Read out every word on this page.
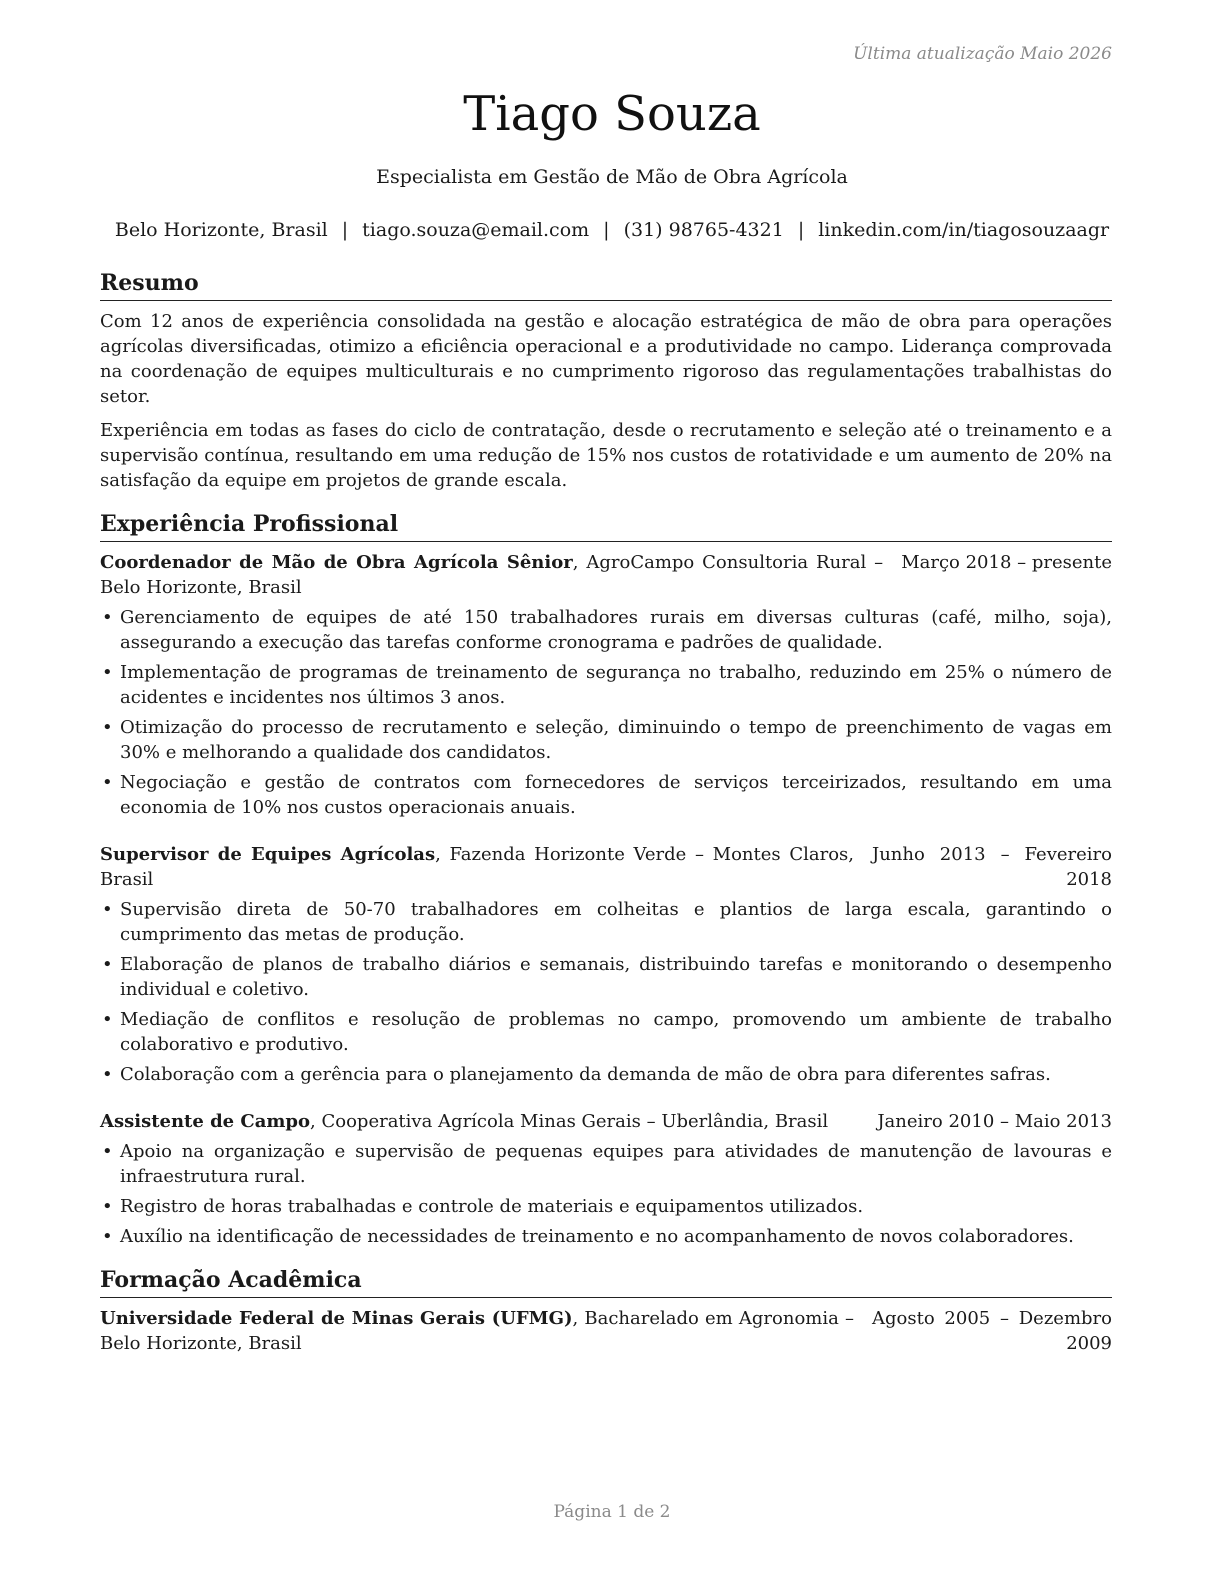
Última atualização Maio 2026
Tiago Souza
Especialista em Gestão de Mão de Obra Agrícola
Belo Horizonte, Brasil | tiago.souza@email.com | (31) 98765-4321 | linkedin.com/in/tiagosouzaagr
Resumo

Com 12 anos de experiência consolidada na gestão e alocação estratégica de mão de obra para operações agrícolas diversificadas, otimizo a eficiência operacional e a produtividade no campo. Liderança comprovada na coordenação de equipes multiculturais e no cumprimento rigoroso das regulamentações trabalhistas do setor.

Experiência em todas as fases do ciclo de contratação, desde o recrutamento e seleção até o treinamento e a supervisão contínua, resultando em uma redução de 15% nos custos de rotatividade e um aumento de 20% na satisfação da equipe em projetos de grande escala.

Experiência Profissional
Coordenador de Mão de Obra Agrícola Sênior, AgroCampo Consultoria Rural – Belo Horizonte, Brasil
Março 2018 – presente
• Gerenciamento de equipes de até 150 trabalhadores rurais em diversas culturas (café, milho, soja), assegurando a execução das tarefas conforme cronograma e padrões de qualidade.
• Implementação de programas de treinamento de segurança no trabalho, reduzindo em 25% o número de acidentes e incidentes nos últimos 3 anos.
• Otimização do processo de recrutamento e seleção, diminuindo o tempo de preenchimento de vagas em 30% e melhorando a qualidade dos candidatos.
• Negociação e gestão de contratos com fornecedores de serviços terceirizados, resultando em uma economia de 10% nos custos operacionais anuais.
Supervisor de Equipes Agrícolas, Fazenda Horizonte Verde – Montes Claros, Brasil
Junho 2013 – Fevereiro 2018
• Supervisão direta de 50-70 trabalhadores em colheitas e plantios de larga escala, garantindo o cumprimento das metas de produção.
• Elaboração de planos de trabalho diários e semanais, distribuindo tarefas e monitorando o desempenho individual e coletivo.
• Mediação de conflitos e resolução de problemas no campo, promovendo um ambiente de trabalho colaborativo e produtivo.
• Colaboração com a gerência para o planejamento da demanda de mão de obra para diferentes safras.
Assistente de Campo, Cooperativa Agrícola Minas Gerais – Uberlândia, Brasil	Janeiro 2010 – Maio 2013
• Apoio na organização e supervisão de pequenas equipes para atividades de manutenção de lavouras e infraestrutura rural.
• Registro de horas trabalhadas e controle de materiais e equipamentos utilizados.
• Auxílio na identificação de necessidades de treinamento e no acompanhamento de novos colaboradores.
Formação Acadêmica
Universidade Federal de Minas Gerais (UFMG), Bacharelado em Agronomia – Belo Horizonte, Brasil
Agosto 2005 – Dezembro 2009
Página 1 de 2
